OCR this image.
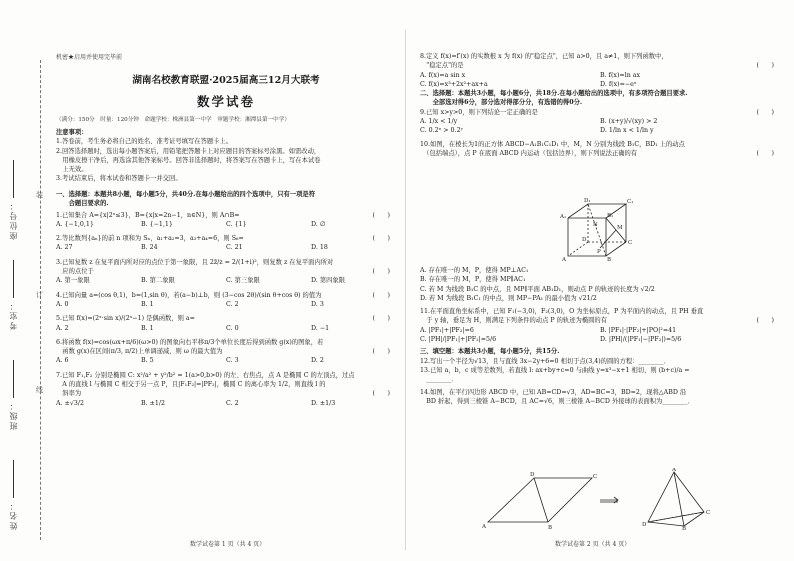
座位号：
考室：
班级：
姓名：
装
订
线
机密★启用并使用完毕前
湖南名校教育联盟·2025届高三12月大联考
数学试卷
（满分：150分　时量：120分钟　命题学校：株洲县第一中学　审题学校：湘潭县第一中学）
注意事项：
1.答卷前，考生务必将自己的姓名、准考证号填写在答题卡上。
2.回答选择题时，选出每小题答案后，用铅笔把答题卡上对应题目的答案标号涂黑。如需改动，
　用橡皮擦干净后，再选涂其他答案标号。回答非选择题时，将答案写在答题卡上，写在本试卷
　上无效。
3.考试结束后，将本试卷和答题卡一并交回。
一、选择题：本题共8小题，每小题5分，共40分.在每小题给出的四个选项中，只有一项是符
　　合题目要求的.
1.已知集合 A={x|2ˣ≤3}，B={x|x=2n−1，n∈N}，则 A∩B=	(　　)
A. {−1,0,1}	B. {−1,1}	C. {1}	D. ∅
2.等比数列{aₙ}的前 n 项和为 Sₙ，a₁+a₂=3，a₃+a₄=6，则 S₆=	(　　)
A. 27	B. 24	C. 21	D. 18
3.已知复数 z 在复平面内所对应的点位于第一象限，且 2z̄/z = 2/(1+i)²，则复数 z 在复平面内所对
　应的点位于	(　　)
A. 第一象限	B. 第二象限	C. 第三象限	D. 第四象限
4.已知向量 a=(cos θ,1)，b=(1,sin θ)，若(a−b)⊥b，则 (3−cos 2θ)/(sin θ+cos θ) 的值为	(　　)
A. 0	B. 1	C. 2	D. 3
5.已知 f(x)=(2ˣ·sin x)/(2ˣ−1) 是偶函数，则 a=	(　　)
A. 2	B. 1	C. 0	D. −1
6.将函数 f(x)=cos(ωx+π/6)(ω>0) 的图象向右平移π/3个单位长度后得到函数 g(x)的图象，若
　函数 g(x)在区间(π/3, π/2)上单调递减，则 ω 的最大值为	(　　)
A. 6	B. 5	C. 3	D. 2
7.已知 F₁,F₂ 分别是椭圆 C: x²/a² + y²/b² = 1(a>0,b>0) 的左、右焦点，点 A 是椭圆 C 的左顶点，过点
　A 的直线 l 与椭圆 C 相交于另一点 P，且|F₁F₂|=|PF₂|，椭圆 C 的离心率为 1/2，则直线 l 的
　斜率为	(　　)
A. ±√3/2	B. ±1/2	C. 2	D. ±1/3
数学试卷第 1 页（共 4 页）
8.定义 f(x)=f′(x) 的实数根 x 为 f(x) 的"稳定点"，已知 a>0，且 a≠1，则下列函数中，
　"稳定点"的是	(　　)
A. f(x)=a sin x	B. f(x)=ln ax
C. f(x)=x³+2x²+ax+a	D. f(x)=−eˣ
二、选择题：本题共3小题，每小题6分，共18分.在每小题给出的选项中，有多项符合题目要求.
　　全部选对得6分，部分选对得部分分，有选错的得0分.
9.已知 x>y>0，则下列结论一定正确的是	(　　)
A. 1/x < 1/y	B. (x+y)/√(xy) > 2
C. 0.2ˣ > 0.2ʸ	D. 1/ln x < 1/ln y
10.如图，在棱长为1的正方体 ABCD−A₁B₁C₁D₁ 中，M，N 分别为线段 B₁C，BD₁ 上的动点
　（包括端点），点 P 在底面 ABCD 内运动（包括边界），则下列说法正确的有	(　　)
D₁	C₁
A₁	B₁
D	C
A	B
M
N
P
A. 存在唯一的 M，P，使得 MP⊥AC₁
B. 存在唯一的 M，P，使得 MP∥AC₁
C. 若 M 为线段 B₁C 的中点，且 MP∥平面 AB₁D₁，则动点 P 的轨迹的长度为 √2/2
D. 若 M 为线段 B₁C₁ 的中点，则 MP−PA₁ 的最小值为 √21/2
11.在平面直角坐标系中，已知 F₁(−3,0)，F₂(3,0)，O 为坐标原点，P 为平面内的动点，且 PH 垂直
　于 y 轴，垂足为 H，则满足下列条件的动点 P 的轨迹为椭圆的有	(　　)
A. |PF₁|+|PF₂|=6	B. |PF₁|·|PF₂|+|PO|²=41
C. |PH|/|PF₁|+|PF₂|=5/6	D. |PH|/(|PF₁|−|PF₂|)=5/6
三、填空题：本题共3小题，每小题5分，共15分.
12.写出一个半径为√13，且与直线 3x−2y+6=0 相切于点(3,4)的圆的方程：________．
13.已知 a，b，c 成等差数列，若直线 l: ax+by+c=0 与曲线 y=x³−x+1 相切，则 (b+c)/a =
　________．
14.如图，在平行四边形 ABCD 中，已知 AB=CD=√3，AD=BC=3，BD=2，现将△ABD 沿
　BD 折起，得到三棱锥 A−BCD，且 AC=√6，则三棱锥 A−BCD 外接球的表面积为________．
D	C
A	B
A
D
C
B
数学试卷第 2 页（共 4 页）
